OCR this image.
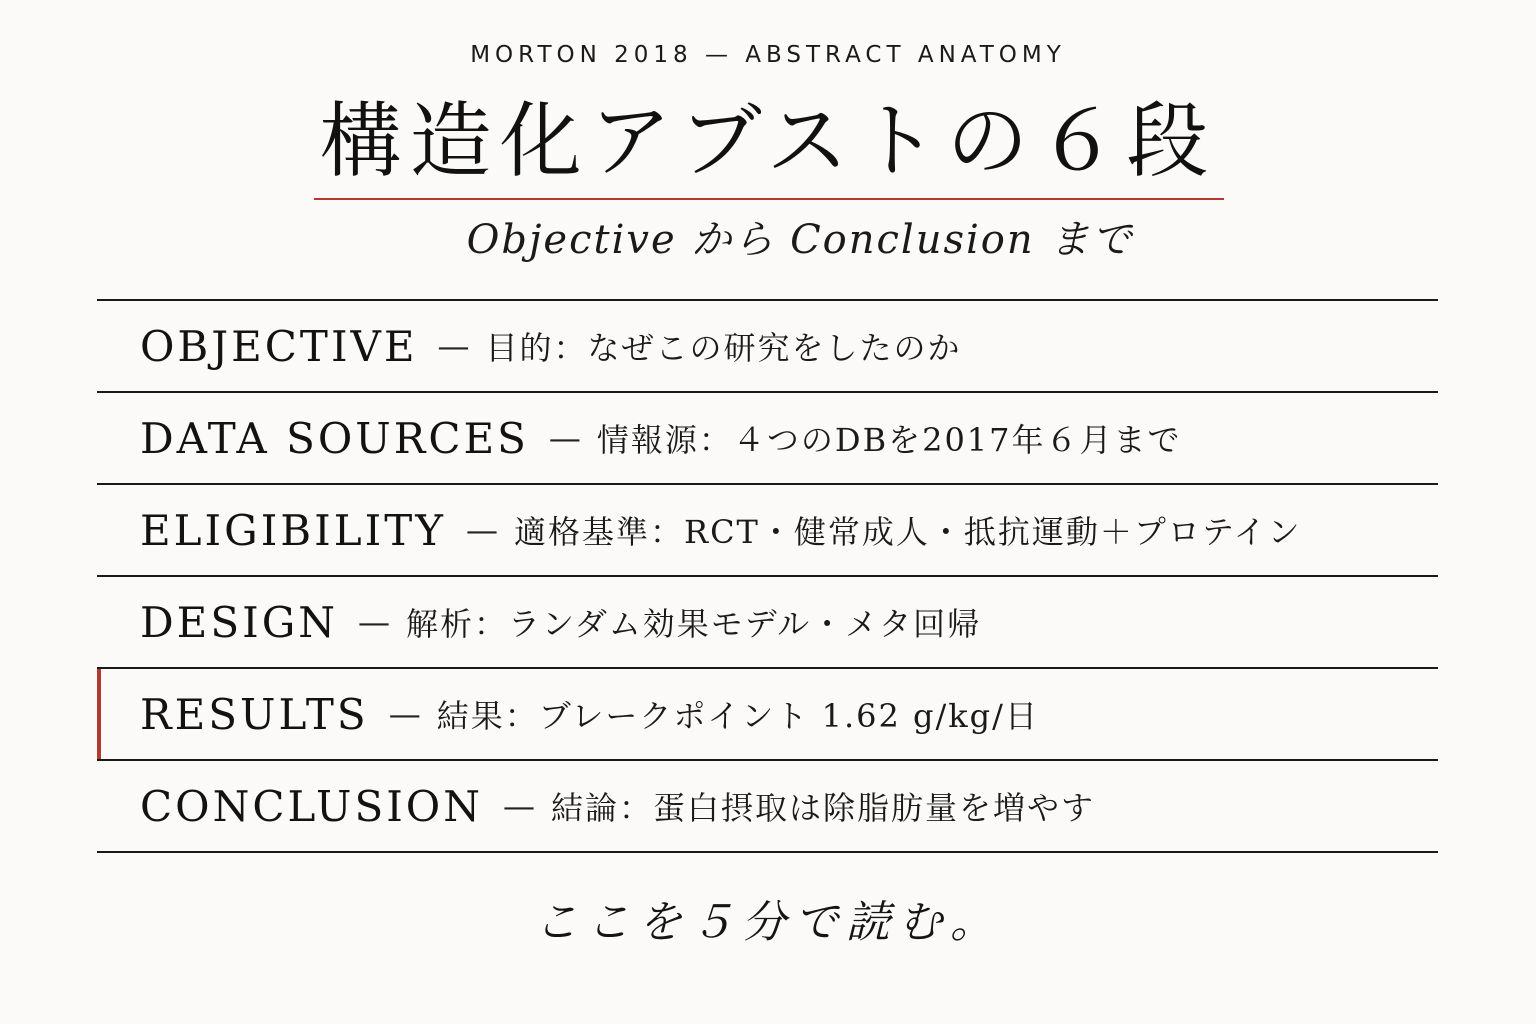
MORTON 2018 — ABSTRACT ANATOMY
構造化アブストの６段
Objective から Conclusion まで
OBJECTIVE — 目的：なぜこの研究をしたのか
DATA SOURCES — 情報源：４つのDBを2017年６月まで
ELIGIBILITY — 適格基準：RCT・健常成人・抵抗運動＋プロテイン
DESIGN — 解析：ランダム効果モデル・メタ回帰
RESULTS — 結果：ブレークポイント 1.62 g/kg/日
CONCLUSION — 結論：蛋白摂取は除脂肪量を増やす
ここを５分で読む。
